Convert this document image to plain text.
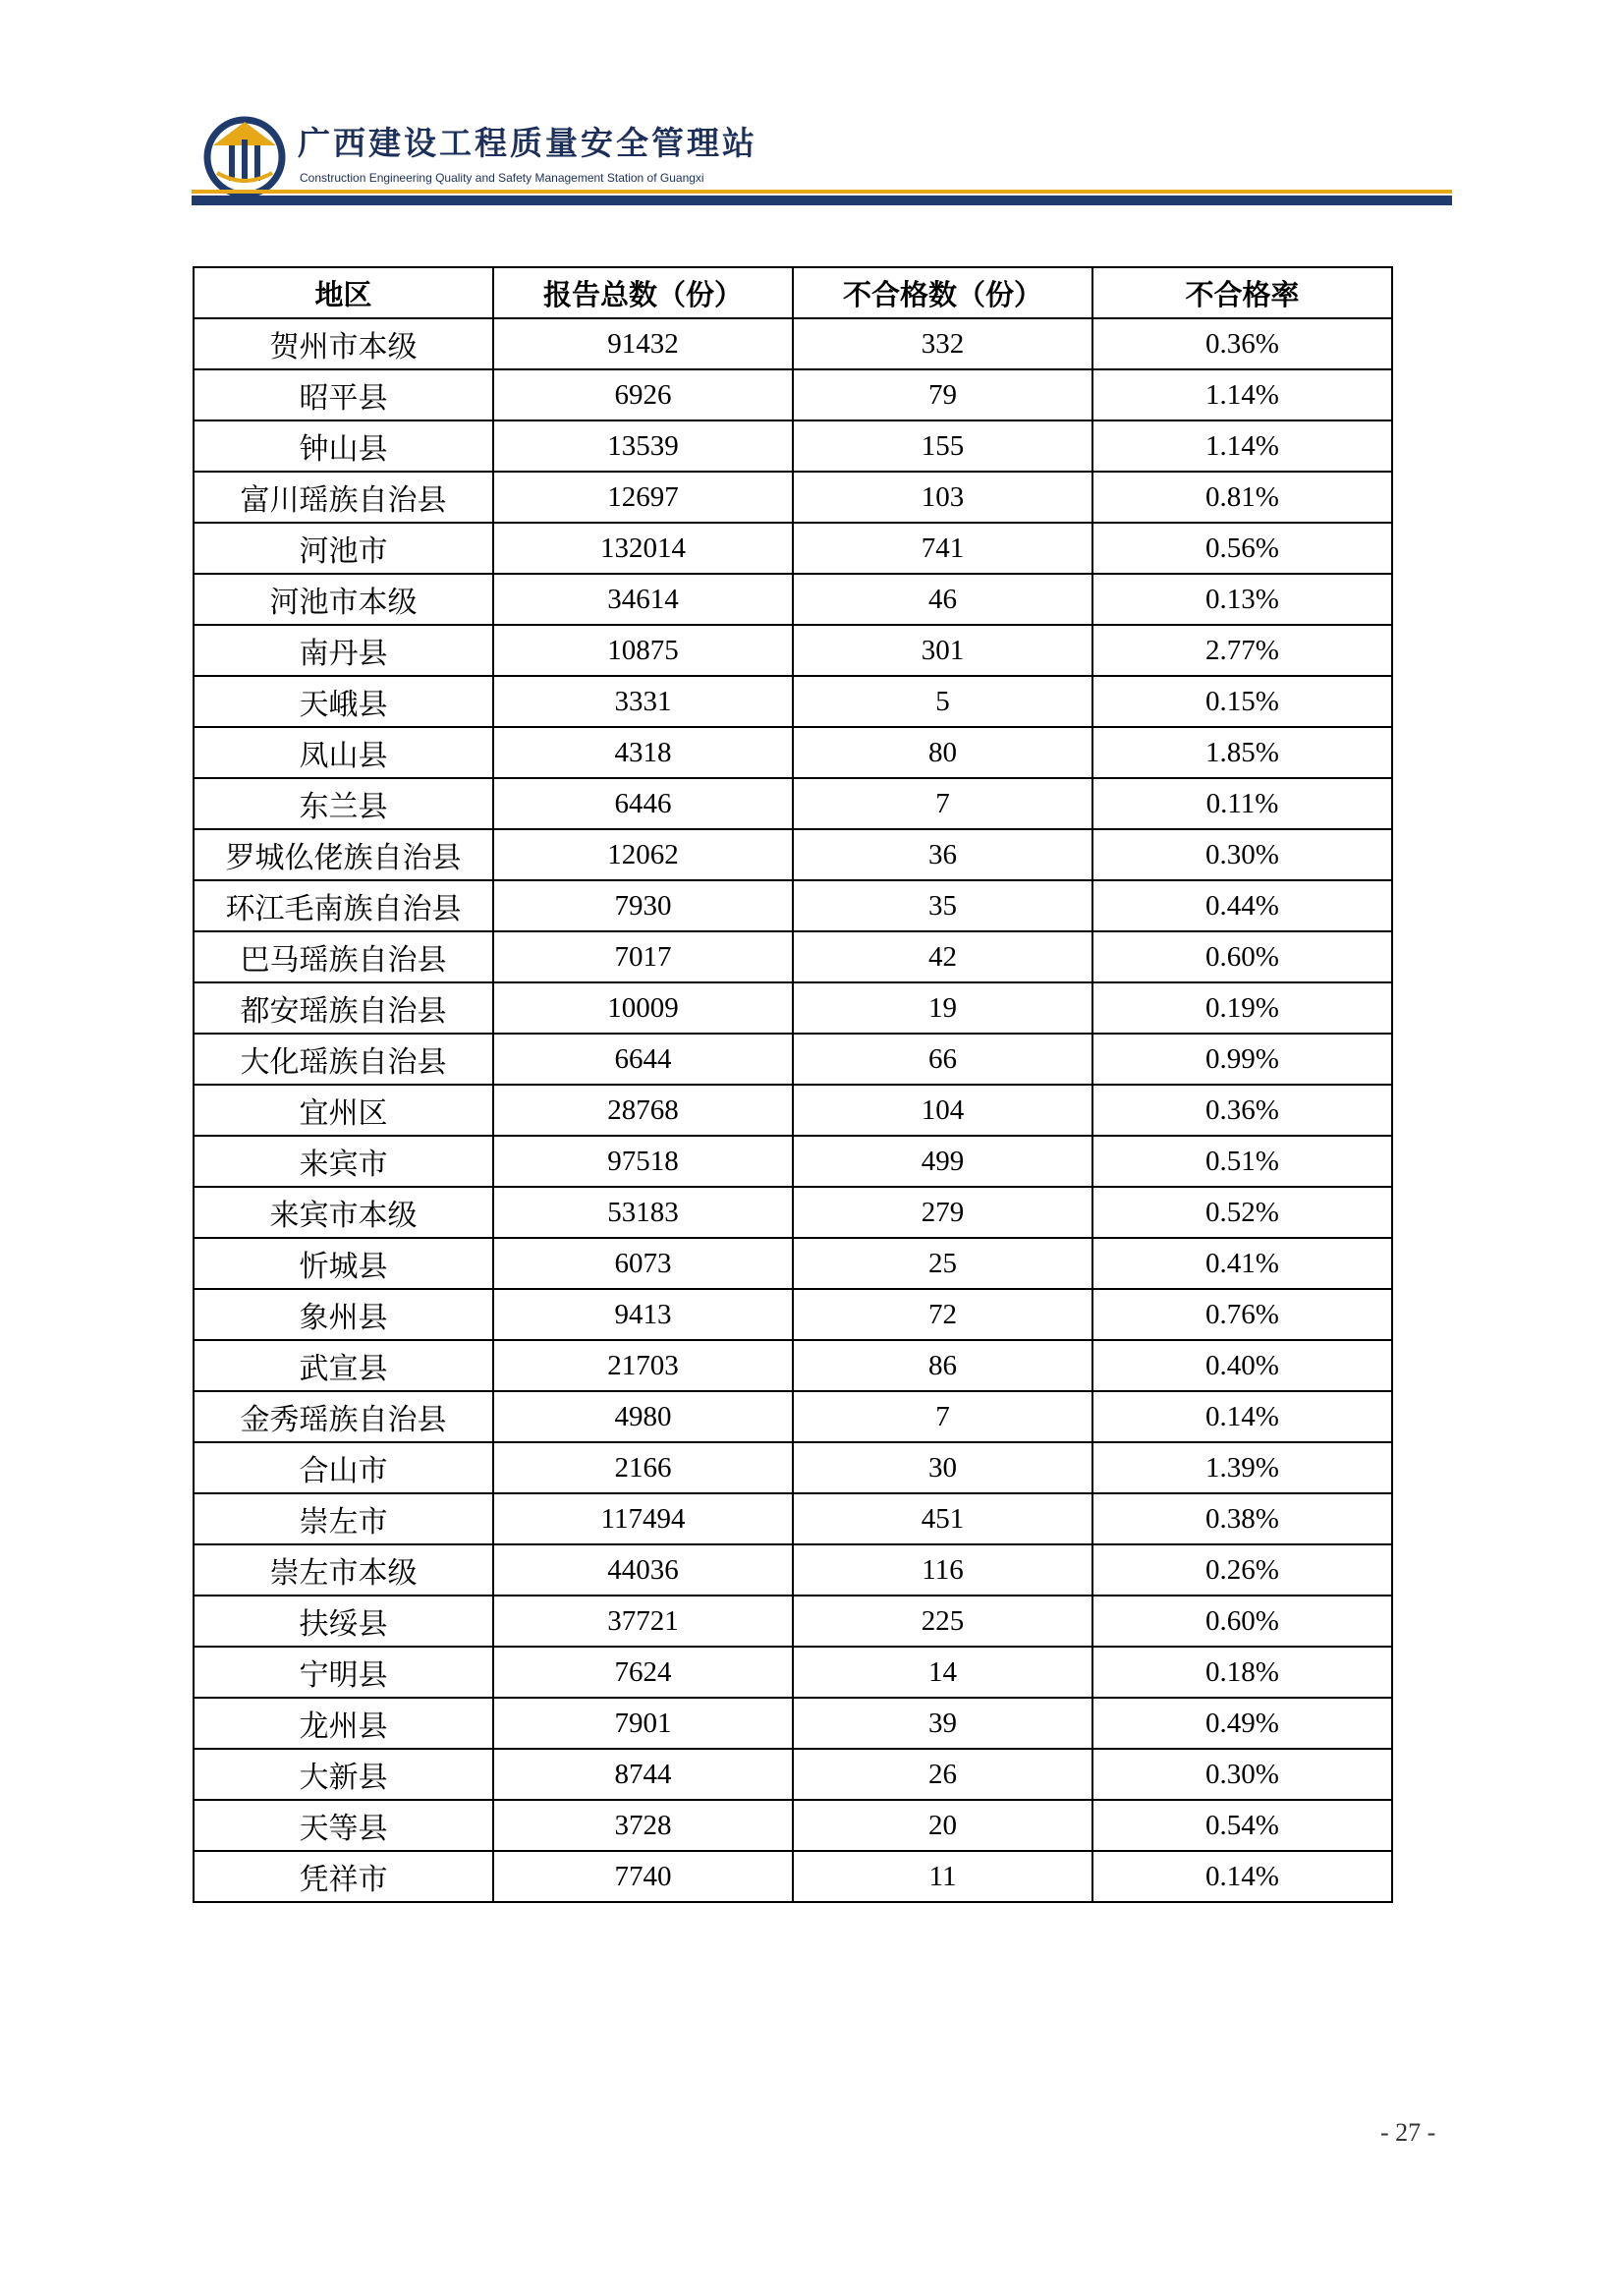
广西建设工程质量安全管理站
Construction Engineering Quality and Safety Management Station of Guangxi
地区	报告总数（份）	不合格数（份）	不合格率
贺州市本级	91432	332	0.36%
昭平县	6926	79	1.14%
钟山县	13539	155	1.14%
富川瑶族自治县	12697	103	0.81%
河池市	132014	741	0.56%
河池市本级	34614	46	0.13%
南丹县	10875	301	2.77%
天峨县	3331	5	0.15%
凤山县	4318	80	1.85%
东兰县	6446	7	0.11%
罗城仫佬族自治县	12062	36	0.30%
环江毛南族自治县	7930	35	0.44%
巴马瑶族自治县	7017	42	0.60%
都安瑶族自治县	10009	19	0.19%
大化瑶族自治县	6644	66	0.99%
宜州区	28768	104	0.36%
来宾市	97518	499	0.51%
来宾市本级	53183	279	0.52%
忻城县	6073	25	0.41%
象州县	9413	72	0.76%
武宣县	21703	86	0.40%
金秀瑶族自治县	4980	7	0.14%
合山市	2166	30	1.39%
崇左市	117494	451	0.38%
崇左市本级	44036	116	0.26%
扶绥县	37721	225	0.60%
宁明县	7624	14	0.18%
龙州县	7901	39	0.49%
大新县	8744	26	0.30%
天等县	3728	20	0.54%
凭祥市	7740	11	0.14%
- 27 -
